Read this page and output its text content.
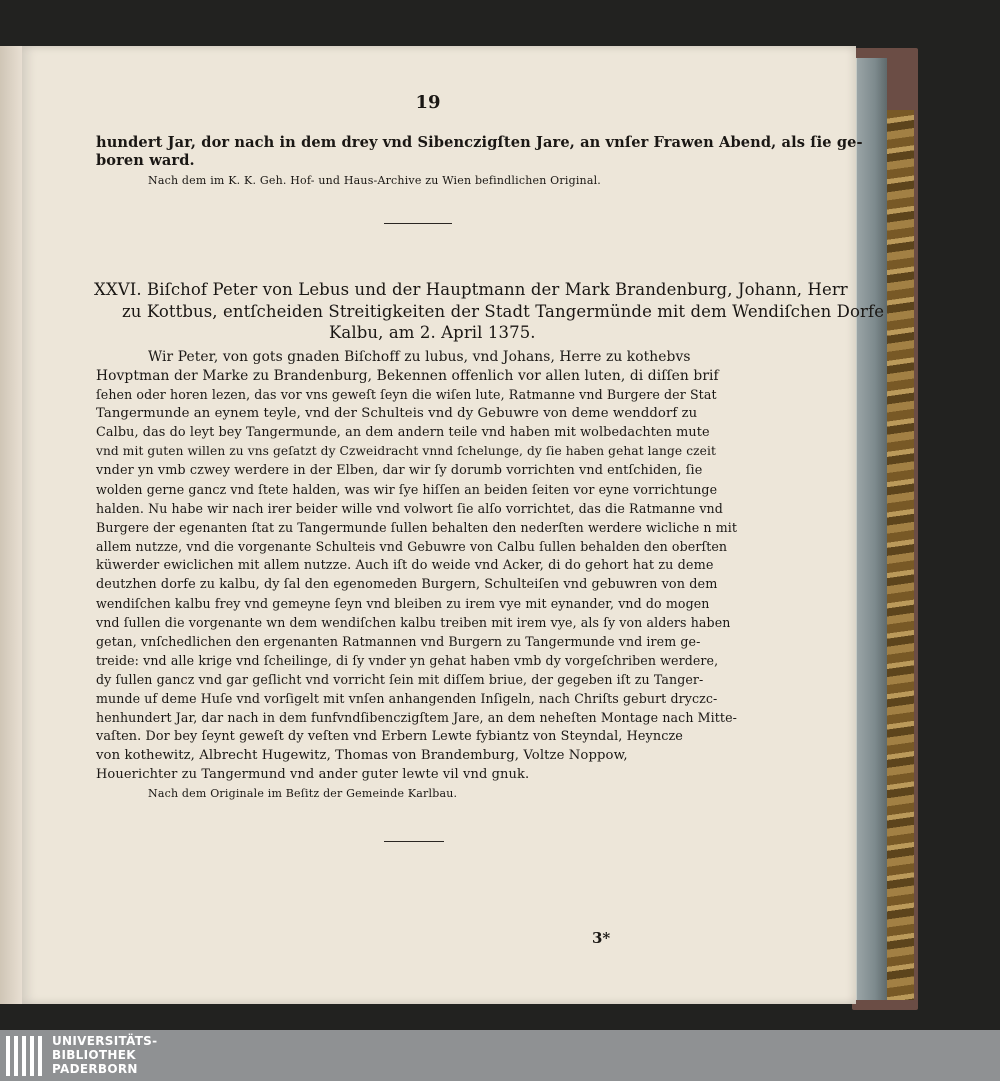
19
hundert Jar, dor nach in dem drey vnd Sibenczigſten Jare, an vnſer Frawen Abend, als ſie ge-
boren ward.
Nach dem im K. K. Geh. Hof- und Haus-Archive zu Wien befindlichen Original.
XXVI. Biſchof Peter von Lebus und der Hauptmann der Mark Brandenburg, Johann, Herr
zu Kottbus, entſcheiden Streitigkeiten der Stadt Tangermünde mit dem Wendiſchen Dorfe
Kalbu, am 2. April 1375.
Wir Peter, von gots gnaden Biſchoff zu lubus, vnd Johans, Herre zu kothebvs
Hovptman der Marke zu Brandenburg, Bekennen offenlich vor allen luten, di diſſen brif
ſehen oder horen lezen, das vor vns geweſt ſeyn die wiſen lute, Ratmanne vnd Burgere der Stat
Tangermunde an eynem teyle, vnd der Schulteis vnd dy Gebuwre von deme wenddorf zu
Calbu, das do leyt bey Tangermunde, an dem andern teile vnd haben mit wolbedachten mute
vnd mit guten willen zu vns geſatzt dy Czweidracht vnnd ſchelunge, dy ſie haben gehat lange czeit
vnder yn vmb czwey werdere in der Elben, dar wir ſy dorumb vorrichten vnd entſchiden, ſie
wolden gerne gancz vnd ſtete halden, was wir ſye hiſſen an beiden ſeiten vor eyne vorrichtunge
halden. Nu habe wir nach irer beider wille vnd volwort ſie alſo vorrichtet, das die Ratmanne vnd
Burgere der egenanten ſtat zu Tangermunde ſullen behalten den nederſten werdere wicliche n mit
allem nutzze, vnd die vorgenante Schulteis vnd Gebuwre von Calbu ſullen behalden den oberſten
küwerder ewiclichen mit allem nutzze. Auch iſt do weide vnd Acker, di do gehort hat zu deme
deutzhen dorfe zu kalbu, dy ſal den egenomeden Burgern, Schulteiſen vnd gebuwren von dem
wendiſchen kalbu frey vnd gemeyne ſeyn vnd bleiben zu irem vye mit eynander, vnd do mogen
vnd ſullen die vorgenante wn dem wendiſchen kalbu treiben mit irem vye, als ſy von alders haben
getan, vnſchedlichen den ergenanten Ratmannen vnd Burgern zu Tangermunde vnd irem ge-
treide: vnd alle krige vnd ſcheilinge, di ſy vnder yn gehat haben vmb dy vorgeſchriben werdere,
dy ſullen gancz vnd gar geſlicht vnd vorricht ſein mit diſſem briue, der gegeben iſt zu Tanger-
munde uf deme Huſe vnd vorſigelt mit vnſen anhangenden Inſigeln, nach Chriſts geburt dryczc-
henhundert Jar, dar nach in dem funfvndſibenczigſtem Jare, an dem neheſten Montage nach Mitte-
vaſten. Dor bey ſeynt geweſt dy veſten vnd Erbern Lewte fybiantz von Steyndal, Heyncze
von kothewitz, Albrecht Hugewitz, Thomas von Brandemburg, Voltze Noppow,
Houerichter zu Tangermund vnd ander guter lewte vil vnd gnuk.
Nach dem Originale im Beſitz der Gemeinde Karlbau.
3*
UNIVERSITÄTS-
BIBLIOTHEK
PADERBORN
